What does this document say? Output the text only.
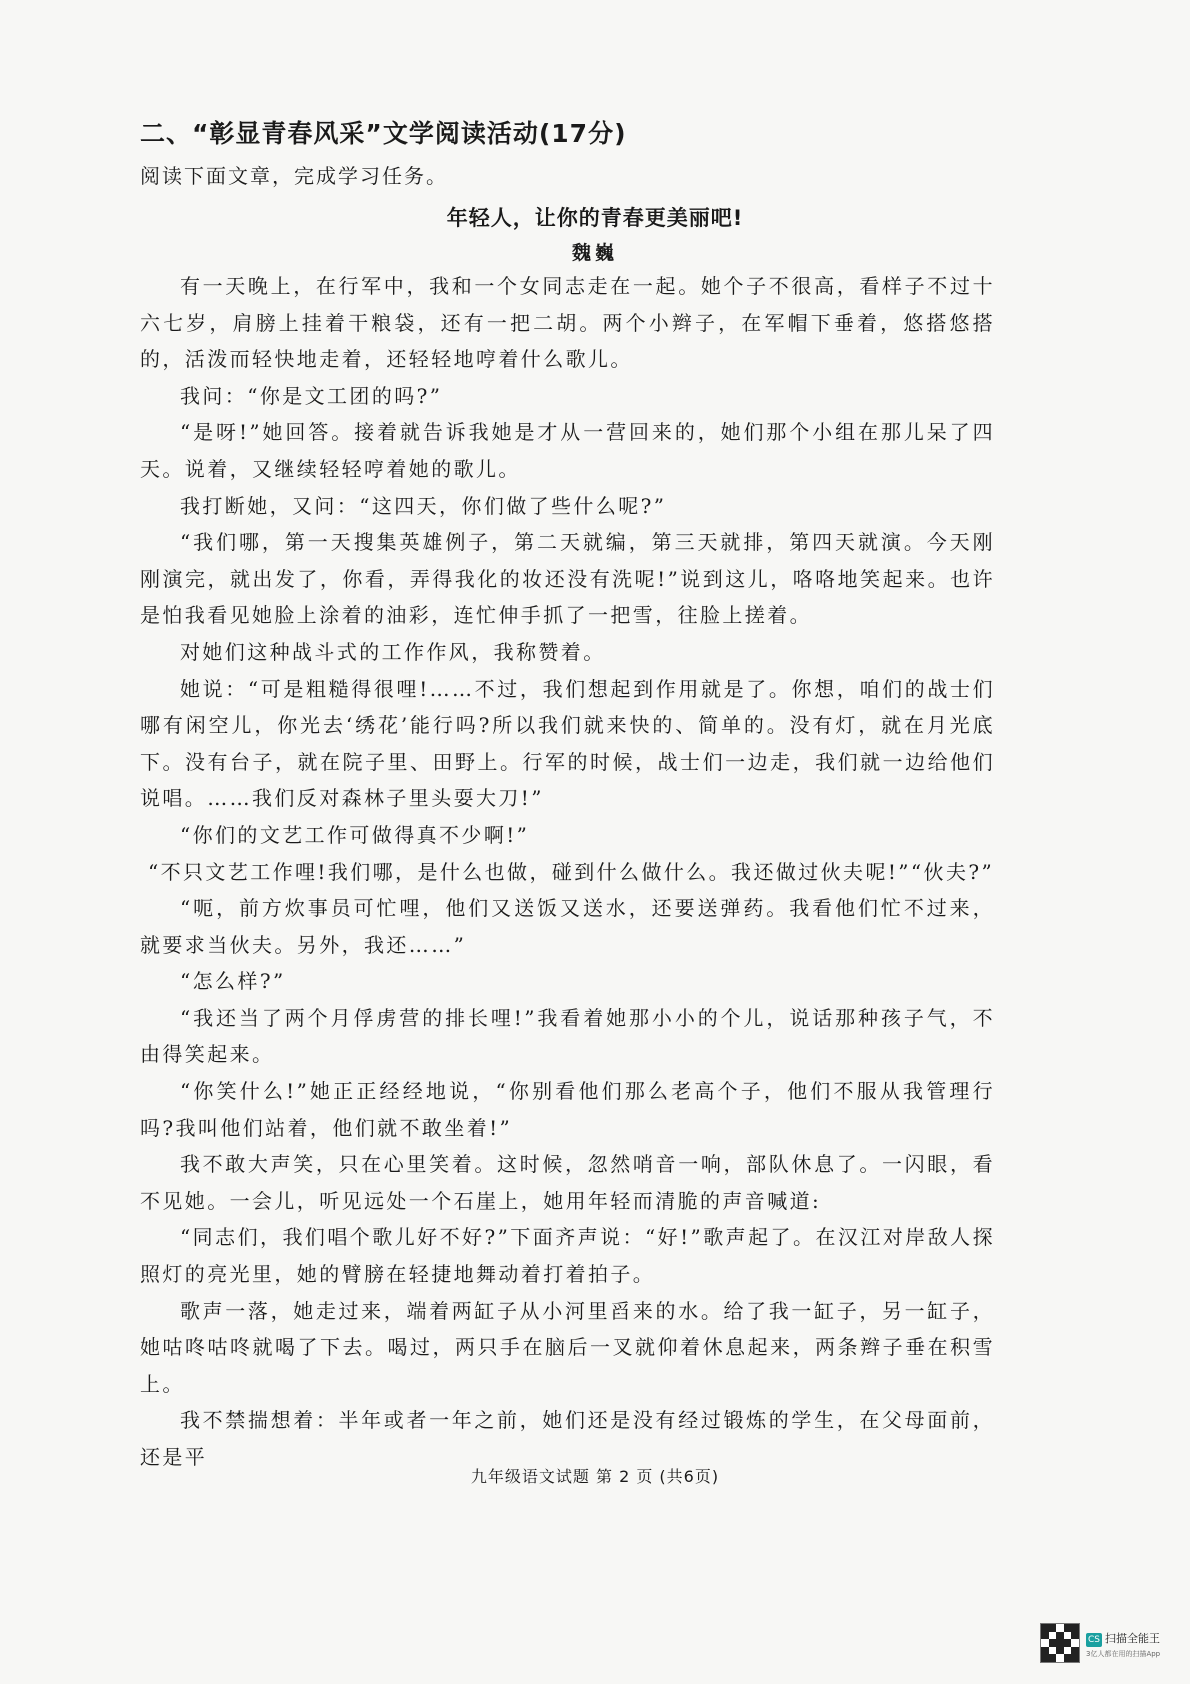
二、“彰显青春风采”文学阅读活动(17分)
阅读下面文章，完成学习任务。
年轻人，让你的青春更美丽吧!
魏巍

有一天晚上，在行军中，我和一个女同志走在一起。她个子不很高，看样子不过十六七岁，肩膀上挂着干粮袋，还有一把二胡。两个小辫子，在军帽下垂着，悠搭悠搭的，活泼而轻快地走着，还轻轻地哼着什么歌儿。

我问：“你是文工团的吗?”

“是呀!”她回答。接着就告诉我她是才从一营回来的，她们那个小组在那儿呆了四天。说着，又继续轻轻哼着她的歌儿。

我打断她，又问：“这四天，你们做了些什么呢?”

“我们哪，第一天搜集英雄例子，第二天就编，第三天就排，第四天就演。今天刚刚演完，就出发了，你看，弄得我化的妆还没有洗呢!”说到这儿，咯咯地笑起来。也许是怕我看见她脸上涂着的油彩，连忙伸手抓了一把雪，往脸上搓着。

对她们这种战斗式的工作作风，我称赞着。

她说：“可是粗糙得很哩!……不过，我们想起到作用就是了。你想，咱们的战士们哪有闲空儿，你光去‘绣花’能行吗?所以我们就来快的、简单的。没有灯，就在月光底下。没有台子，就在院子里、田野上。行军的时候，战士们一边走，我们就一边给他们说唱。……我们反对森林子里头耍大刀!”

“你们的文艺工作可做得真不少啊!”

“不只文艺工作哩!我们哪，是什么也做，碰到什么做什么。我还做过伙夫呢!”“伙夫?”

“呃，前方炊事员可忙哩，他们又送饭又送水，还要送弹药。我看他们忙不过来，就要求当伙夫。另外，我还……”

“怎么样?”

“我还当了两个月俘虏营的排长哩!”我看着她那小小的个儿，说话那种孩子气，不由得笑起来。

“你笑什么!”她正正经经地说，“你别看他们那么老高个子，他们不服从我管理行吗?我叫他们站着，他们就不敢坐着!”

我不敢大声笑，只在心里笑着。这时候，忽然哨音一响，部队休息了。一闪眼，看不见她。一会儿，听见远处一个石崖上，她用年轻而清脆的声音喊道:

“同志们，我们唱个歌儿好不好?”下面齐声说：“好!”歌声起了。在汉江对岸敌人探照灯的亮光里，她的臂膀在轻捷地舞动着打着拍子。

歌声一落，她走过来，端着两缸子从小河里舀来的水。给了我一缸子，另一缸子，她咕咚咕咚就喝了下去。喝过，两只手在脑后一叉就仰着休息起来，两条辫子垂在积雪上。

我不禁揣想着：半年或者一年之前，她们还是没有经过锻炼的学生，在父母面前，还是平

九年级语文试题 第 2 页 (共6页)
CS 扫描全能王
3亿人都在用的扫描App
